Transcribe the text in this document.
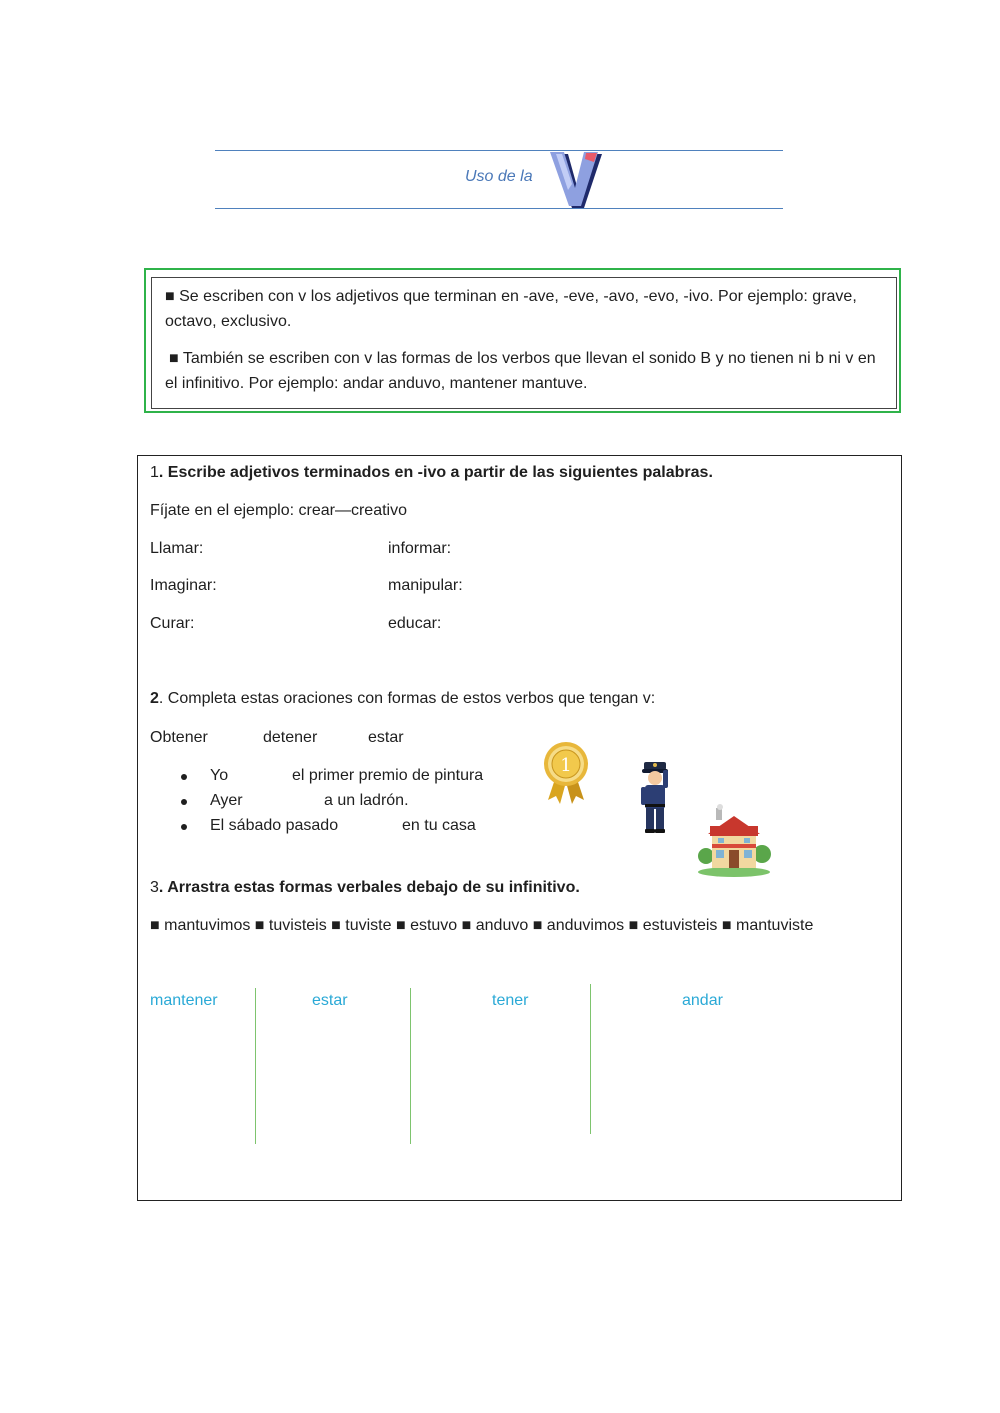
Uso de la
v
■ Se escriben con v los adjetivos que terminan en -ave, -eve, -avo, -evo, -ivo. Por ejemplo: grave, octavo, exclusivo.
■ También se escriben con v las formas de los verbos que llevan el sonido B y no tienen ni b ni v en el infinitivo. Por ejemplo: andar anduvo, mantener mantuve.
1. Escribe adjetivos terminados en -ivo a partir de las siguientes palabras.
Fíjate en el ejemplo: crear—creativo
Llamar:	informar:
Imaginar:	manipular:
Curar:	educar:
2. Completa estas oraciones con formas de estos verbos que tengan v:
Obtener	detener	estar
Yo	el primer premio de pintura
Ayer	a un ladrón.
El sábado pasado	en tu casa
1
3. Arrastra estas formas verbales debajo de su infinitivo.
■ mantuvimos ■ tuvisteis ■ tuviste ■ estuvo ■ anduvo ■ anduvimos ■ estuvisteis ■ mantuviste
mantener	estar	tener	andar
